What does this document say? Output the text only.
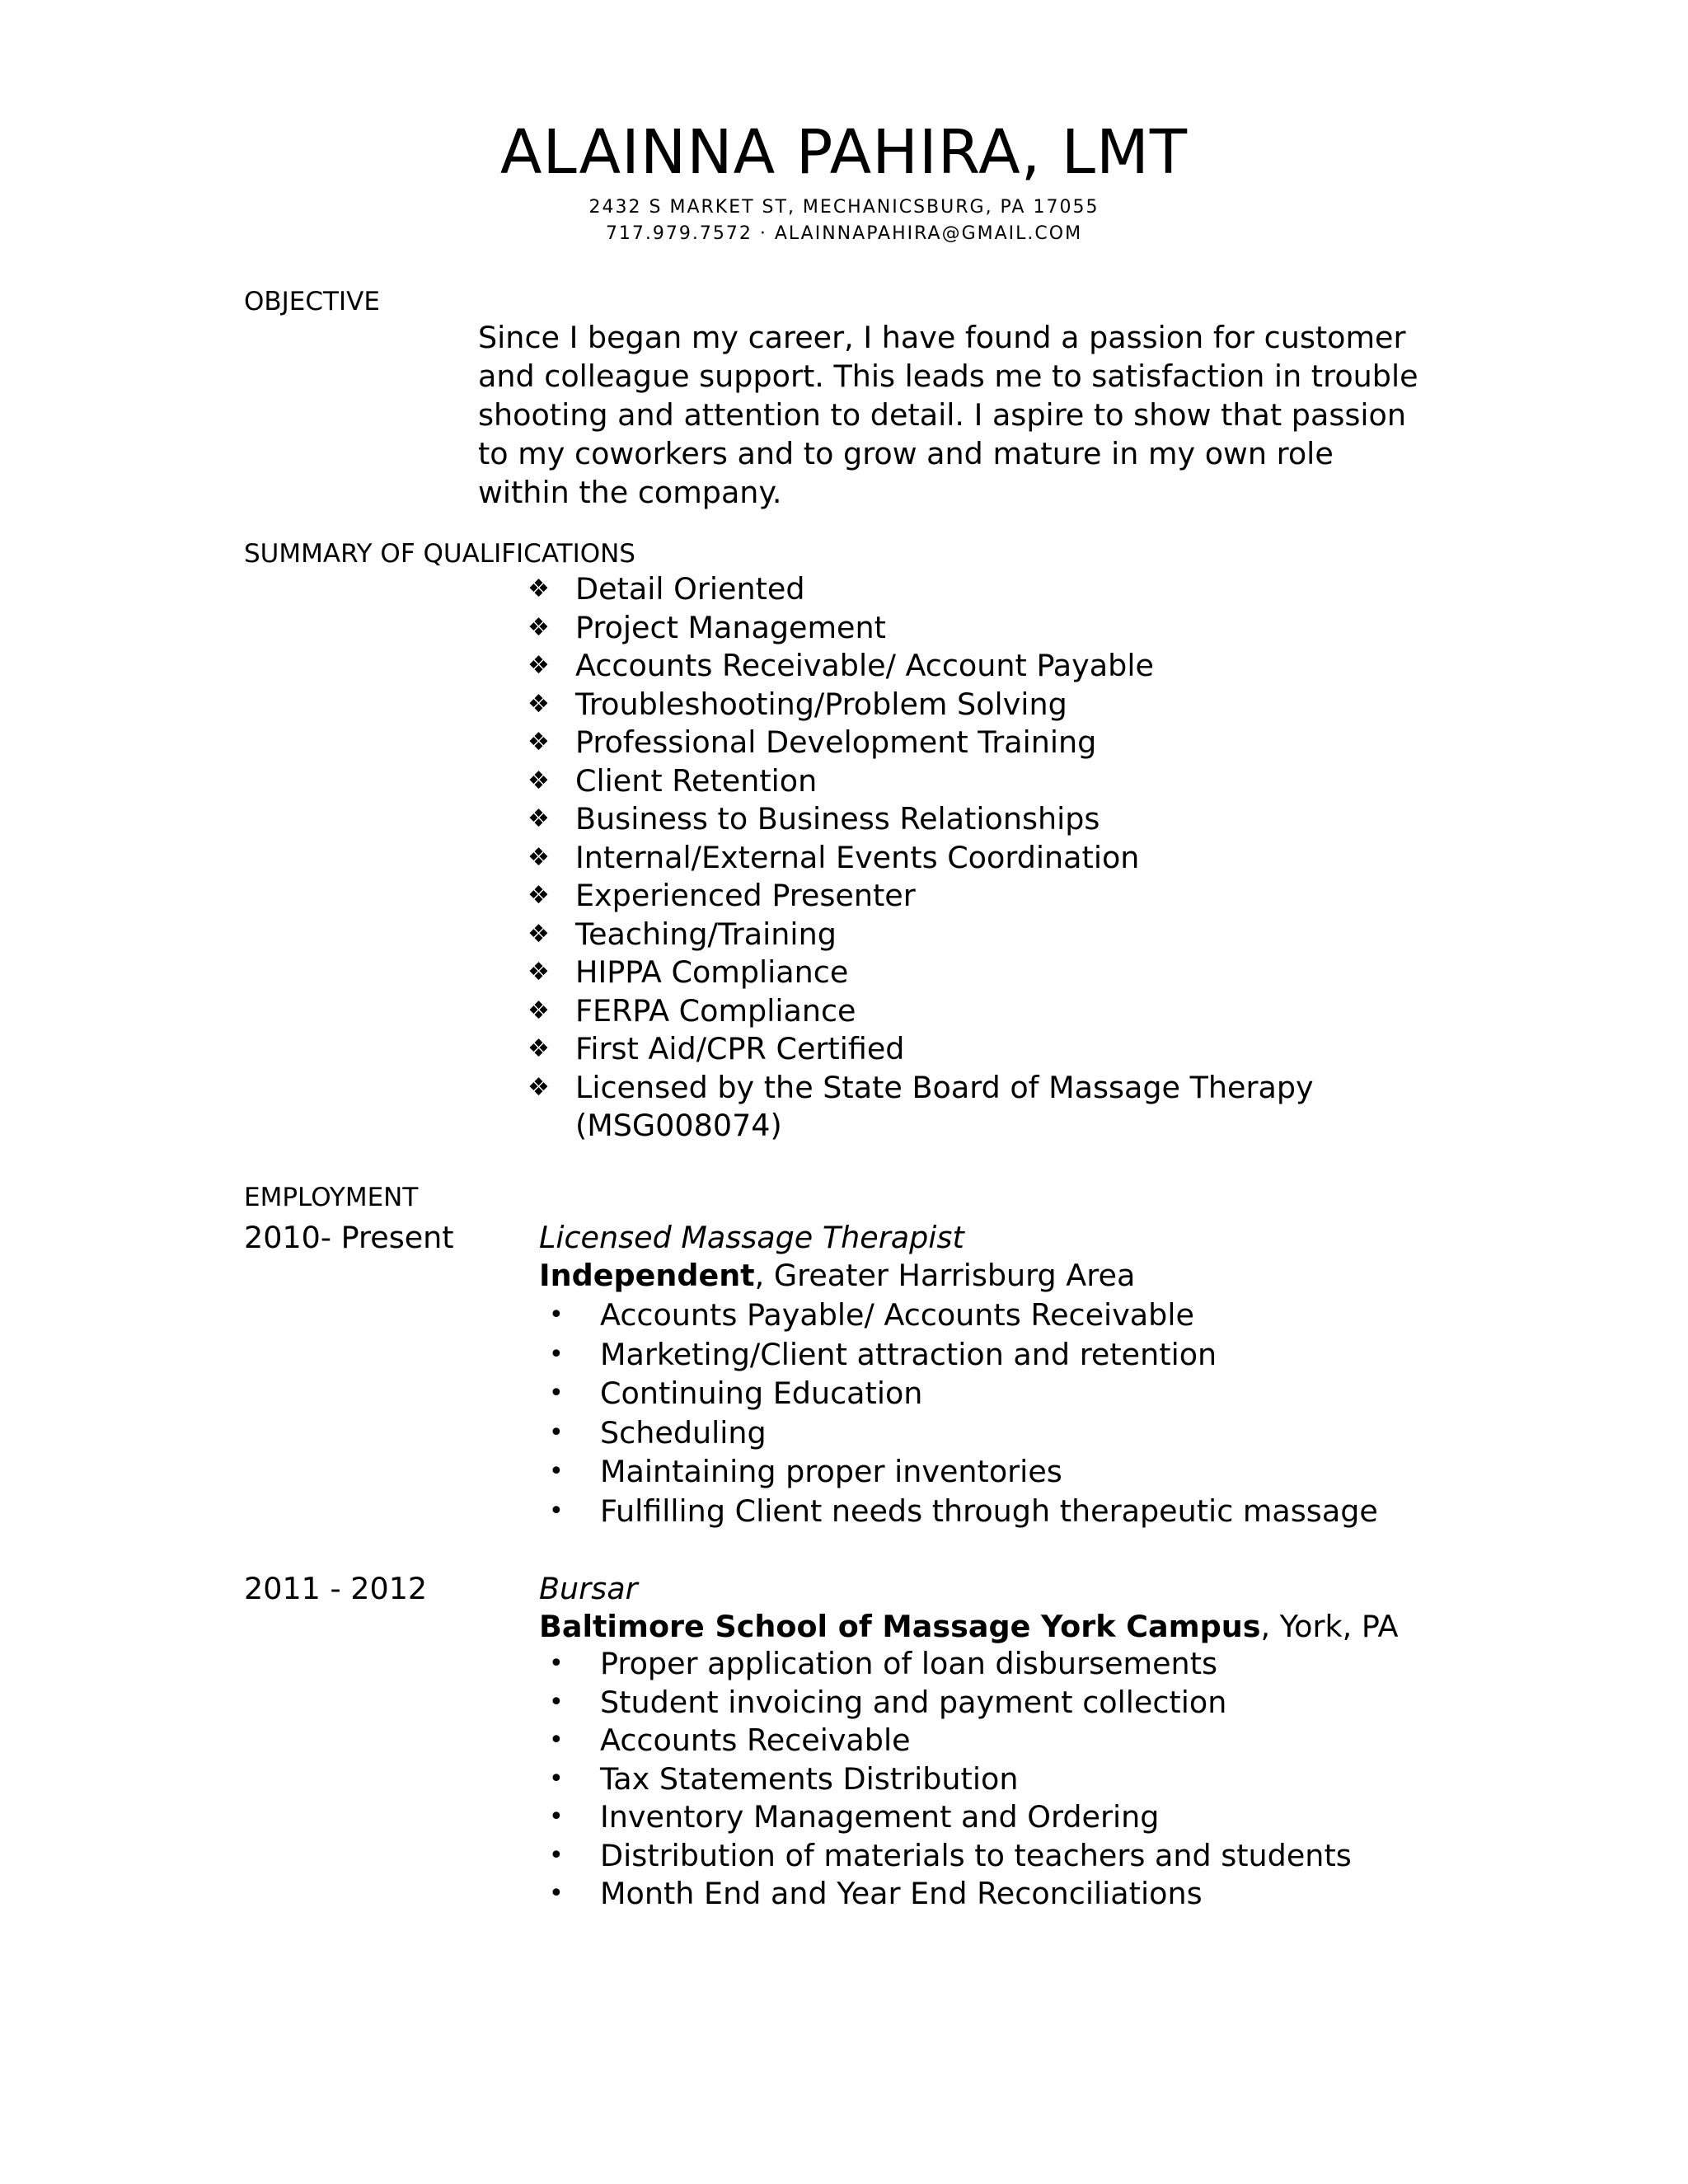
ALAINNA PAHIRA, LMT
2432 S MARKET ST, MECHANICSBURG, PA 17055
717.979.7572 · ALAINNAPAHIRA@GMAIL.COM
OBJECTIVE
Since I began my career, I have found a passion for customer
and colleague support. This leads me to satisfaction in trouble
shooting and attention to detail. I aspire to show that passion
to my coworkers and to grow and mature in my own role
within the company.
SUMMARY OF QUALIFICATIONS
❖ Detail Oriented
❖ Project Management
❖ Accounts Receivable/ Account Payable
❖ Troubleshooting/Problem Solving
❖ Professional Development Training
❖ Client Retention
❖ Business to Business Relationships
❖ Internal/External Events Coordination
❖ Experienced Presenter
❖ Teaching/Training
❖ HIPPA Compliance
❖ FERPA Compliance
❖ First Aid/CPR Certified
❖ Licensed by the State Board of Massage Therapy
(MSG008074)
EMPLOYMENT
2010- Present	Licensed Massage Therapist
Independent, Greater Harrisburg Area
• Accounts Payable/ Accounts Receivable
• Marketing/Client attraction and retention
• Continuing Education
• Scheduling
• Maintaining proper inventories
• Fulfilling Client needs through therapeutic massage
2011 - 2012	Bursar
Baltimore School of Massage York Campus, York, PA
• Proper application of loan disbursements
• Student invoicing and payment collection
• Accounts Receivable
• Tax Statements Distribution
• Inventory Management and Ordering
• Distribution of materials to teachers and students
• Month End and Year End Reconciliations
